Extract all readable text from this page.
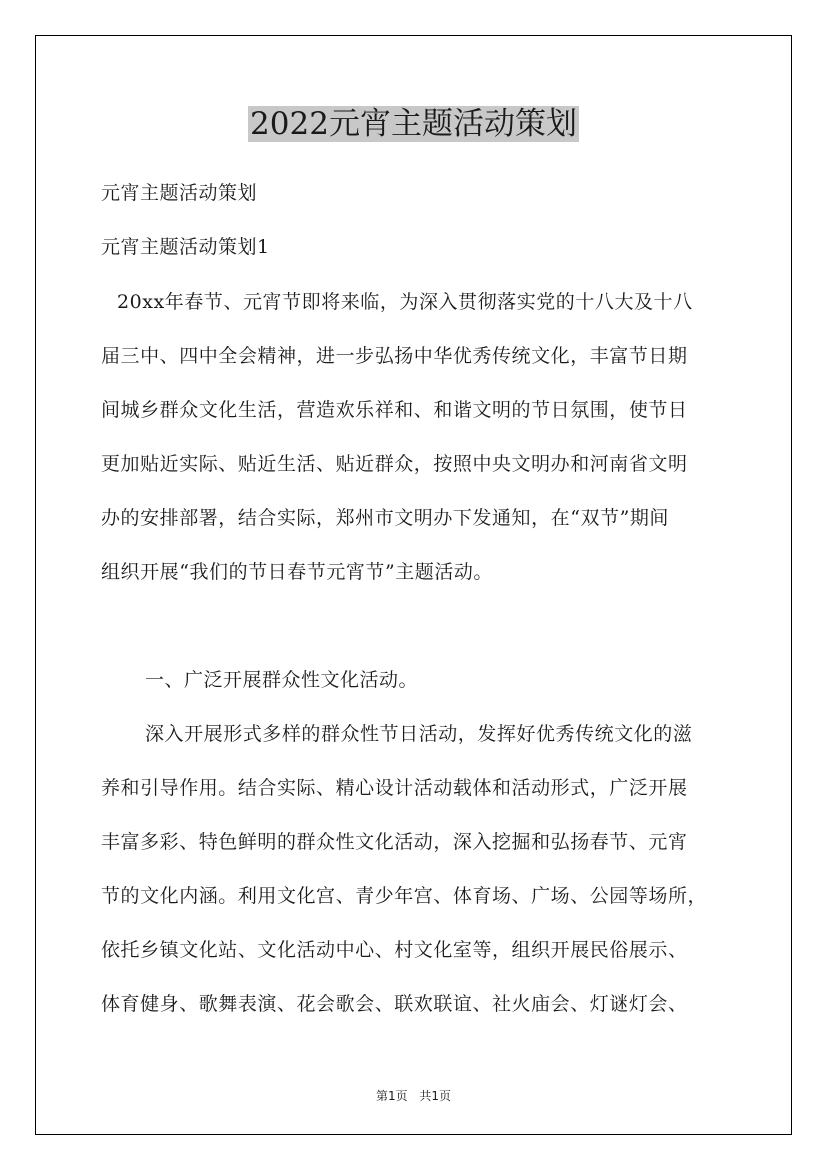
2022元宵主题活动策划
元宵主题活动策划
元宵主题活动策划1
20xx年春节、元宵节即将来临，为深入贯彻落实党的十八大及十八
届三中、四中全会精神，进一步弘扬中华优秀传统文化，丰富节日期
间城乡群众文化生活，营造欢乐祥和、和谐文明的节日氛围，使节日
更加贴近实际、贴近生活、贴近群众，按照中央文明办和河南省文明
办的安排部署，结合实际，郑州市文明办下发通知，在“双节”期间
组织开展“我们的节日春节元宵节”主题活动。
一、广泛开展群众性文化活动。
深入开展形式多样的群众性节日活动，发挥好优秀传统文化的滋
养和引导作用。结合实际、精心设计活动载体和活动形式，广泛开展
丰富多彩、特色鲜明的群众性文化活动，深入挖掘和弘扬春节、元宵
节的文化内涵。利用文化宫、青少年宫、体育场、广场、公园等场所，
依托乡镇文化站、文化活动中心、村文化室等，组织开展民俗展示、
体育健身、歌舞表演、花会歌会、联欢联谊、社火庙会、灯谜灯会、
第1页 共1页
